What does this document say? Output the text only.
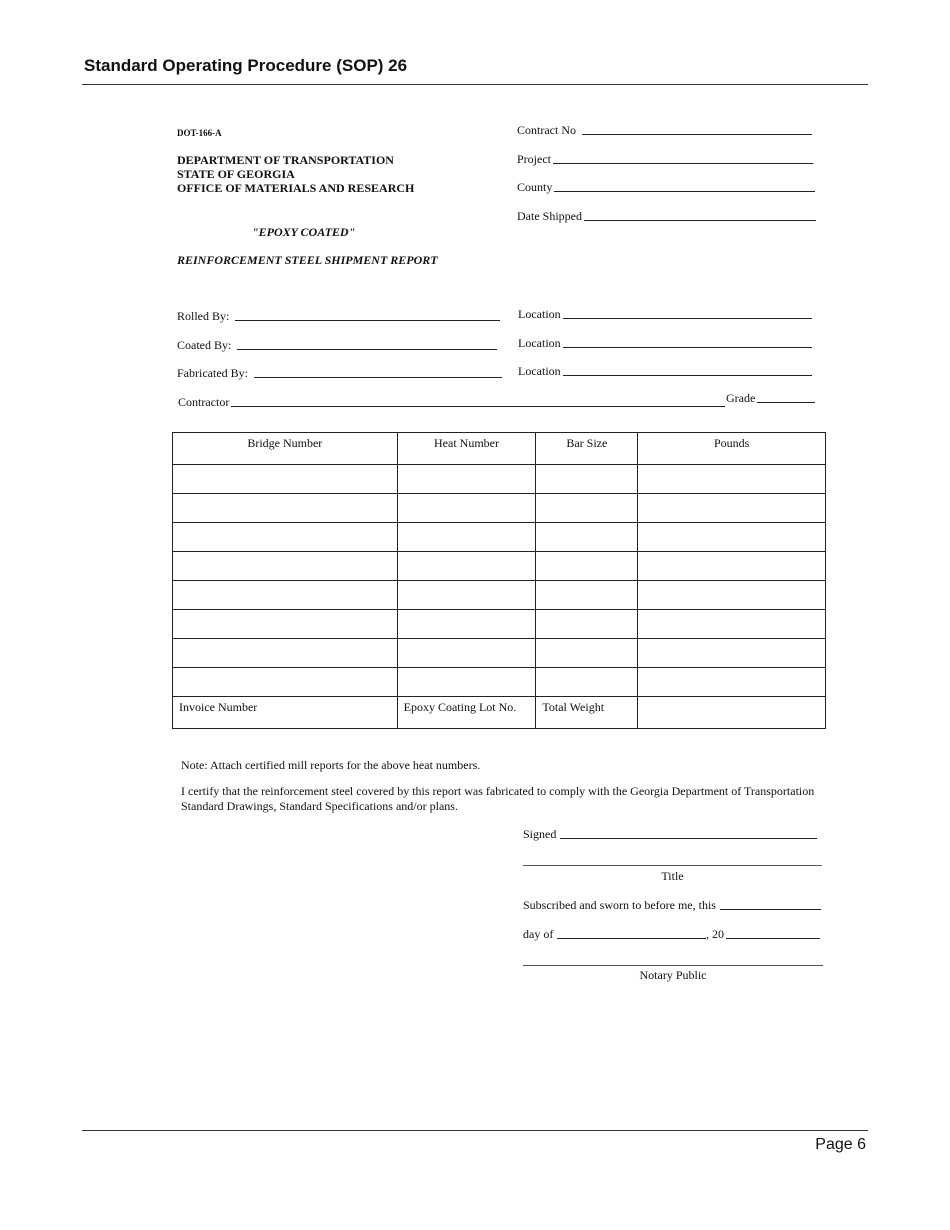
Standard Operating Procedure (SOP) 26
DOT-166-A
DEPARTMENT OF TRANSPORTATION
STATE OF GEORGIA
OFFICE OF MATERIALS AND RESEARCH
"EPOXY COATED"
REINFORCEMENT STEEL SHIPMENT REPORT
Contract No
Project
County
Date Shipped
Rolled By:	Location
Coated By:	Location
Fabricated By:	Location
Contractor	Grade
Bridge Number	Heat Number	Bar Size	Pounds

Invoice Number	Epoxy Coating Lot No.	Total Weight	
Note: Attach certified mill reports for the above heat numbers.
I certify that the reinforcement steel covered by this report was fabricated to comply with the Georgia Department of Transportation Standard Drawings, Standard Specifications and/or plans.
Signed
Title
Subscribed and sworn to before me, this
day of	, 20
Notary Public
Page 6
